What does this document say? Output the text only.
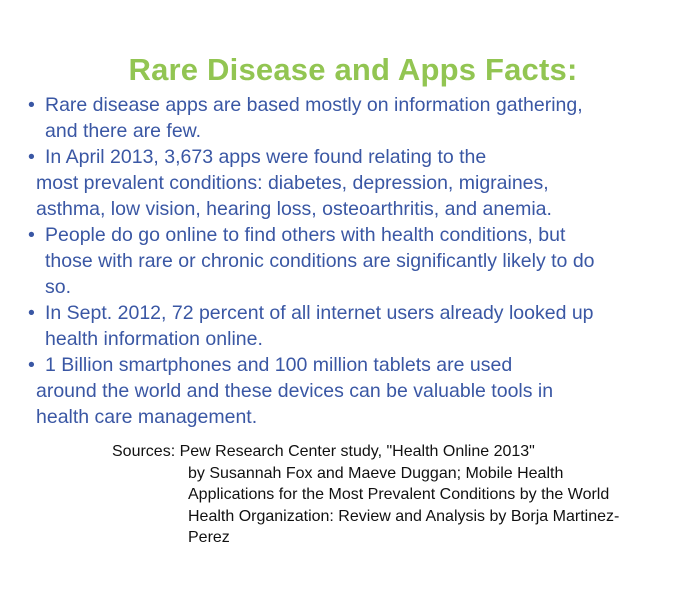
Rare Disease and Apps Facts:
• Rare disease apps are based mostly on information gathering,
and there are few.
• In April 2013, 3,673 apps were found relating to the
most prevalent conditions: diabetes, depression, migraines,
asthma, low vision, hearing loss, osteoarthritis, and anemia.
• People do go online to find others with health conditions, but
those with rare or chronic conditions are significantly likely to do
so.
• In Sept. 2012, 72 percent of all internet users already looked up
health information online.
• 1 Billion smartphones and 100 million tablets are used
around the world and these devices can be valuable tools in
health care management.
Sources: Pew Research Center study, "Health Online 2013"
by Susannah Fox and Maeve Duggan; Mobile Health
Applications for the Most Prevalent Conditions by the World
Health Organization: Review and Analysis by Borja Martinez-
Perez
